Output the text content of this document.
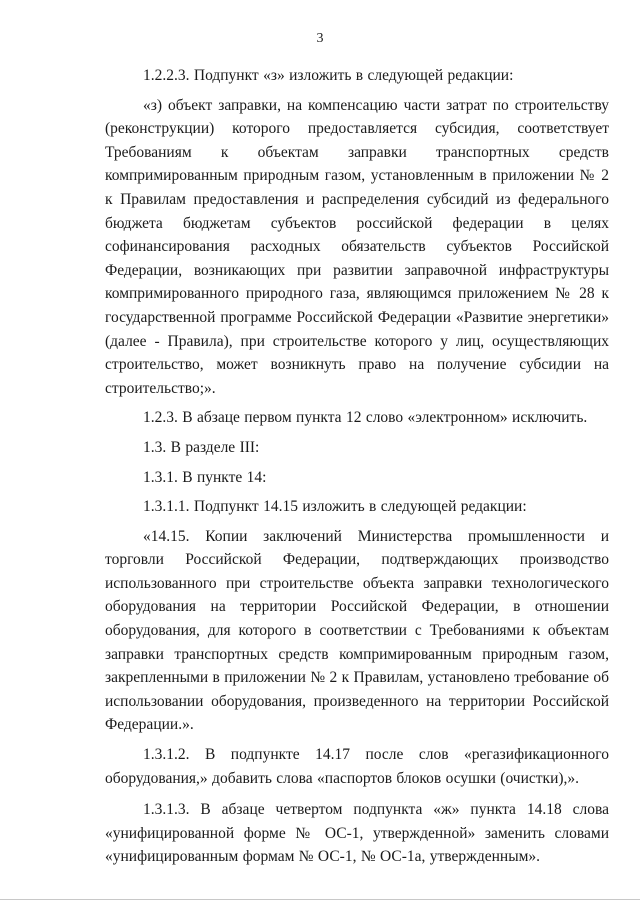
3

1.2.2.3. Подпункт «з» изложить в следующей редакции:

«з) объект заправки, на компенсацию части затрат по строительству (реконструкции) которого предоставляется субсидия, соответствует Требованиям к объектам заправки транспортных средств компримированным природным газом, установленным в приложении № 2 к Правилам предоставления и распределения субсидий из федерального бюджета бюджетам субъектов российской федерации в целях софинансирования расходных обязательств субъектов Российской Федерации, возникающих при развитии заправочной инфраструктуры компримированного природного газа, являющимся приложением № 28 к государственной программе Российской Федерации «Развитие энергетики» (далее - Правила), при строительстве которого у лиц, осуществляющих строительство, может возникнуть право на получение субсидии на строительство;».

1.2.3. В абзаце первом пункта 12 слово «электронном» исключить.

1.3. В разделе III:

1.3.1. В пункте 14:

1.3.1.1. Подпункт 14.15 изложить в следующей редакции:

«14.15. Копии заключений Министерства промышленности и торговли Российской Федерации, подтверждающих производство использованного при строительстве объекта заправки технологического оборудования на территории Российской Федерации, в отношении оборудования, для которого в соответствии с Требованиями к объектам заправки транспортных средств компримированным природным газом, закрепленными в приложении № 2 к Правилам, установлено требование об использовании оборудования, произведенного на территории Российской Федерации.».

1.3.1.2. В подпункте 14.17 после слов «регазификационного оборудования,» добавить слова «паспортов блоков осушки (очистки),».

1.3.1.3. В абзаце четвертом подпункта «ж» пункта 14.18 слова «унифицированной форме № ОС-1, утвержденной» заменить словами «унифицированным формам № ОС-1, № ОС-1а, утвержденным».
